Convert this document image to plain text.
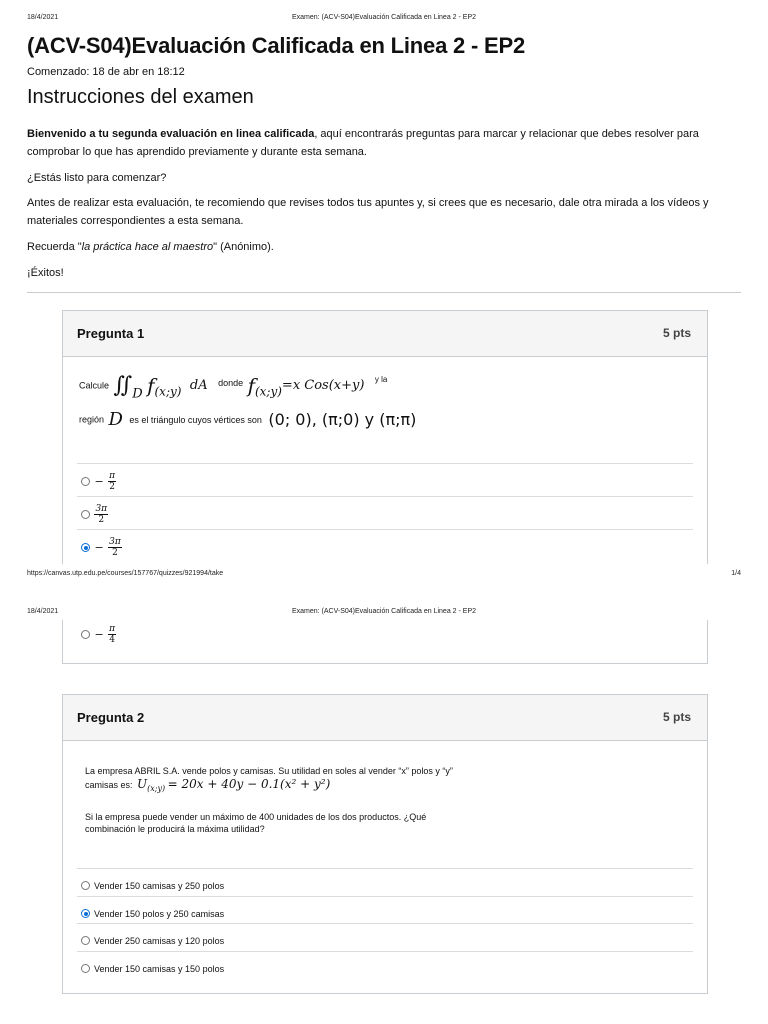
18/4/2021	Examen: (ACV-S04)Evaluación Calificada en Linea 2 - EP2
(ACV-S04)Evaluación Calificada en Linea 2 - EP2
Comenzado: 18 de abr en 18:12
Instrucciones del examen
Bienvenido a tu segunda evaluación en linea calificada, aquí encontrarás preguntas para marcar y relacionar que debes resolver para comprobar lo que has aprendido previamente y durante esta semana.
¿Estás listo para comenzar?
Antes de realizar esta evaluación, te recomiendo que revises todos tus apuntes y, si crees que es necesario, dale otra mirada a los vídeos y materiales correspondientes a esta semana.
Recuerda "la práctica hace al maestro" (Anónimo).
¡Éxitos!
Pregunta 1	5 pts
Calcule $∬_D$ $f_{(x;y)}$ dA $^{donde}$ $f_{(x;y)}=x$ Cos(x+y) $^{y la}$
región D es el triángulo cuyos vértices son (0; 0), (π;0) y (π;π)
− $\frac{\pi}{2}$

$\frac{3\pi}{2}$
− $\frac{3\pi}{2}$
https://canvas.utp.edu.pe/courses/157767/quizzes/921994/take	1/4
18/4/2021	Examen: (ACV-S04)Evaluación Calificada en Linea 2 - EP2
− $\frac{\pi}{4}$
Pregunta 2	5 pts
La empresa ABRIL S.A. vende polos y camisas. Su utilidad en soles al vender “x” polos y “y”
camisas es: U(x;y) = 20x + 40y − 0.1(x² + y²)
Si la empresa puede vender un máximo de 400 unidades de los dos productos. ¿Qué
combinación le producirá la máxima utilidad?
Vender 150 camisas y 250 polos
Vender 150 polos y 250 camisas
Vender 250 camisas y 120 polos
Vender 150 camisas y 150 polos
